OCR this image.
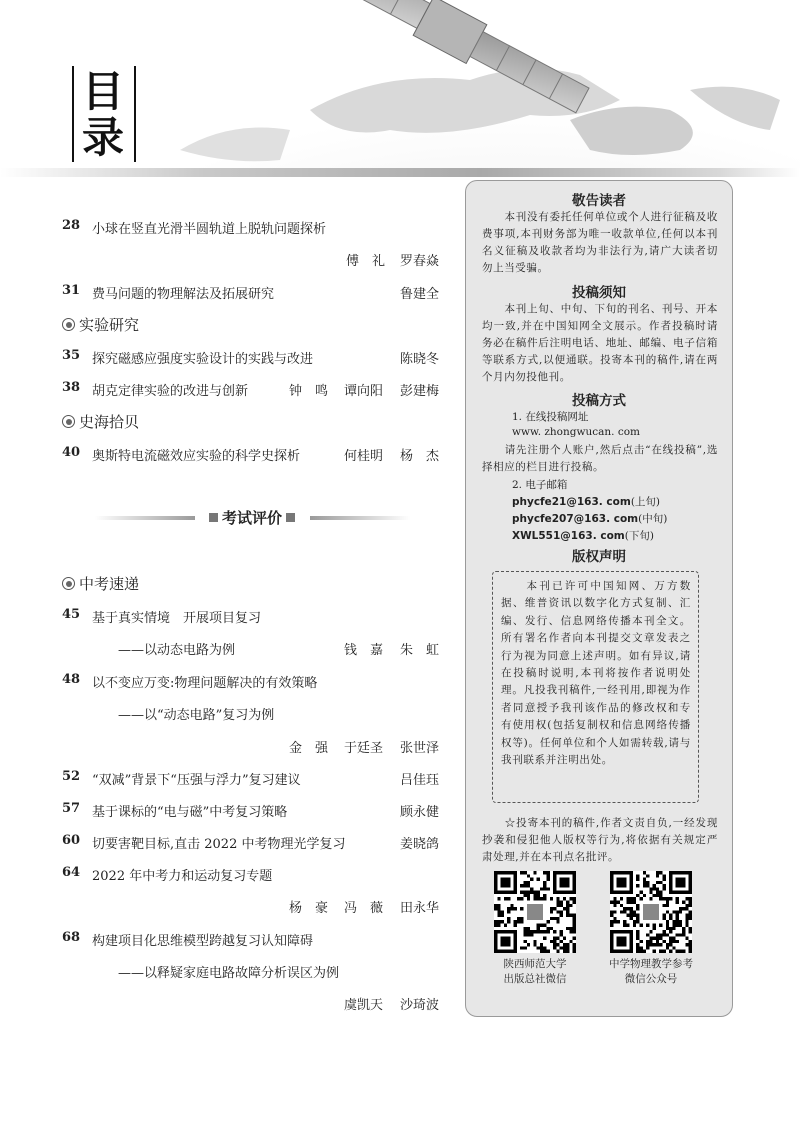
目
录
28 小球在竖直光滑半圆轨道上脱轨问题探析
傅　礼 罗春焱
31 费马问题的物理解法及拓展研究	鲁建全
实验研究
35 探究磁感应强度实验设计的实践与改进	陈晓冬
38 胡克定律实验的改进与创新	钟　鸣 谭向阳 彭建梅
史海拾贝
40 奥斯特电流磁效应实验的科学史探析	何桂明 杨　杰
考试评价
中考速递
45 基于真实情境　开展项目复习
——以动态电路为例	钱　嘉 朱　虹
48 以不变应万变:物理问题解决的有效策略
——以“动态电路”复习为例
金　强 于廷圣 张世泽
52 “双减”背景下“压强与浮力”复习建议	吕佳珏
57 基于课标的“电与磁”中考复习策略	顾永健
60 切要害靶目标,直击 2022 中考物理光学复习	姜晓鸽
64 2022 年中考力和运动复习专题
杨　豪 冯　薇 田永华
68 构建项目化思维模型跨越复习认知障碍
——以释疑家庭电路故障分析误区为例
虞凯天 沙琦波
敬告读者
　　本刊没有委托任何单位或个人进行征稿及收费事项,本刊财务部为唯一收款单位,任何以本刊名义征稿及收款者均为非法行为,请广大读者切勿上当受骗。
投稿须知
　　本刊上旬、中旬、下旬的刊名、刊号、开本均一致,并在中国知网全文展示。作者投稿时请务必在稿件后注明电话、地址、邮编、电子信箱等联系方式,以便通联。投寄本刊的稿件,请在两个月内勿投他刊。
投稿方式
1. 在线投稿网址
www. zhongwucan. com
　　请先注册个人账户,然后点击“在线投稿”,选择相应的栏目进行投稿。
2. 电子邮箱
phycfe21@163. com(上旬)
phycfe207@163. com(中旬)
XWL551@163. com(下旬)
版权声明
　　本刊已许可中国知网、万方数据、维普资讯以数字化方式复制、汇编、发行、信息网络传播本刊全文。所有署名作者向本刊提交文章发表之行为视为同意上述声明。如有异议,请在投稿时说明,本刊将按作者说明处理。凡投我刊稿件,一经刊用,即视为作者同意授予我刊该作品的修改权和专有使用权(包括复制权和信息网络传播权等)。任何单位和个人如需转载,请与我刊联系并注明出处。
　　☆投寄本刊的稿件,作者文责自负,一经发现抄袭和侵犯他人版权等行为,将依据有关规定严肃处理,并在本刊点名批评。
陕西师范大学
出版总社微信
中学物理教学参考
微信公众号
